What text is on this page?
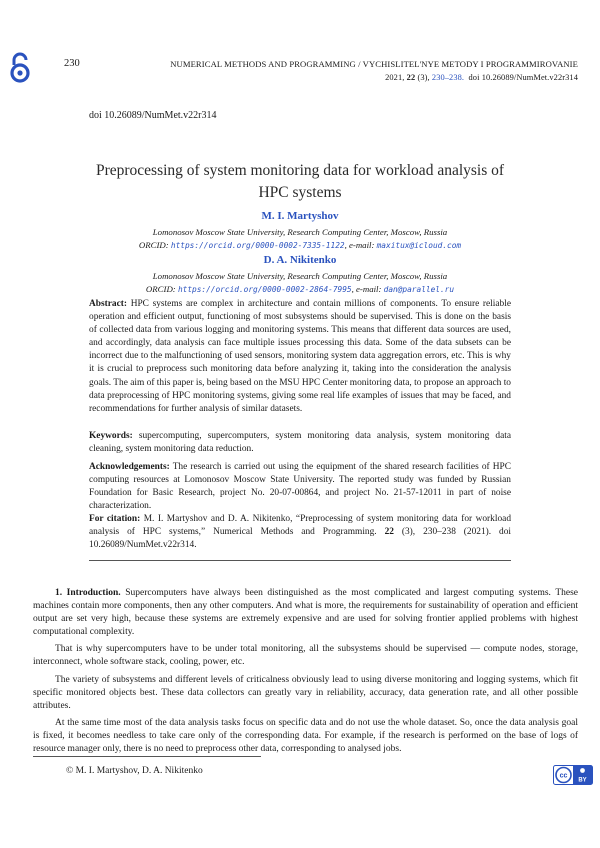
230	NUMERICAL METHODS AND PROGRAMMING / VYCHISLITEL'NYE METODY I PROGRAMMIROVANIE
2021, 22 (3), 230–238. doi 10.26089/NumMet.v22r314
doi 10.26089/NumMet.v22r314
Preprocessing of system monitoring data for workload analysis of HPC systems
M. I. Martyshov
Lomonosov Moscow State University, Research Computing Center, Moscow, Russia
ORCID: https://orcid.org/0000-0002-7335-1122, e-mail: maxitux@icloud.com
D. A. Nikitenko
Lomonosov Moscow State University, Research Computing Center, Moscow, Russia
ORCID: https://orcid.org/0000-0002-2864-7995, e-mail: dan@parallel.ru
Abstract: HPC systems are complex in architecture and contain millions of components. To ensure reliable operation and efficient output, functioning of most subsystems should be supervised. This is done on the basis of collected data from various logging and monitoring systems. This means that different data sources are used, and accordingly, data analysis can face multiple issues processing this data. Some of the data subsets can be incorrect due to the malfunctioning of used sensors, monitoring system data aggregation errors, etc. This is why it is crucial to preprocess such monitoring data before analyzing it, taking into the consideration the analysis goals. The aim of this paper is, being based on the MSU HPC Center monitoring data, to propose an approach to data preprocessing of HPC monitoring systems, giving some real life examples of issues that may be faced, and recommendations for further analysis of similar datasets.
Keywords: supercomputing, supercomputers, system monitoring data analysis, system monitoring data cleaning, system monitoring data reduction.
Acknowledgements: The research is carried out using the equipment of the shared research facilities of HPC computing resources at Lomonosov Moscow State University. The reported study was funded by Russian Foundation for Basic Research, project No. 20-07-00864, and project No. 21-57-12011 in part of noise characterization.
For citation: M. I. Martyshov and D. A. Nikitenko, “Preprocessing of system monitoring data for workload analysis of HPC systems,” Numerical Methods and Programming. 22 (3), 230–238 (2021). doi 10.26089/NumMet.v22r314.

1. Introduction. Supercomputers have always been distinguished as the most complicated and largest computing systems. These machines contain more components, then any other computers. And what is more, the requirements for sustainability of operation and efficient output are set very high, because these systems are extremely expensive and are used for solving frontier applied problems with highest computational complexity.

That is why supercomputers have to be under total monitoring, all the subsystems should be supervised — compute nodes, storage, interconnect, whole software stack, cooling, power, etc.

The variety of subsystems and different levels of criticalness obviously lead to using diverse monitoring and logging systems, which fit specific monitored objects best. These data collectors can greatly vary in reliability, accuracy, data generation rate, and all other possible attributes.

At the same time most of the data analysis tasks focus on specific data and do not use the whole dataset. So, once the data analysis goal is fixed, it becomes needless to take care only of the corresponding data. For example, if the research is performed on the base of logs of resource manager only, there is no need to preprocess other data, corresponding to analysed jobs.

© M. I. Martyshov, D. A. Nikitenko	cc
BY
